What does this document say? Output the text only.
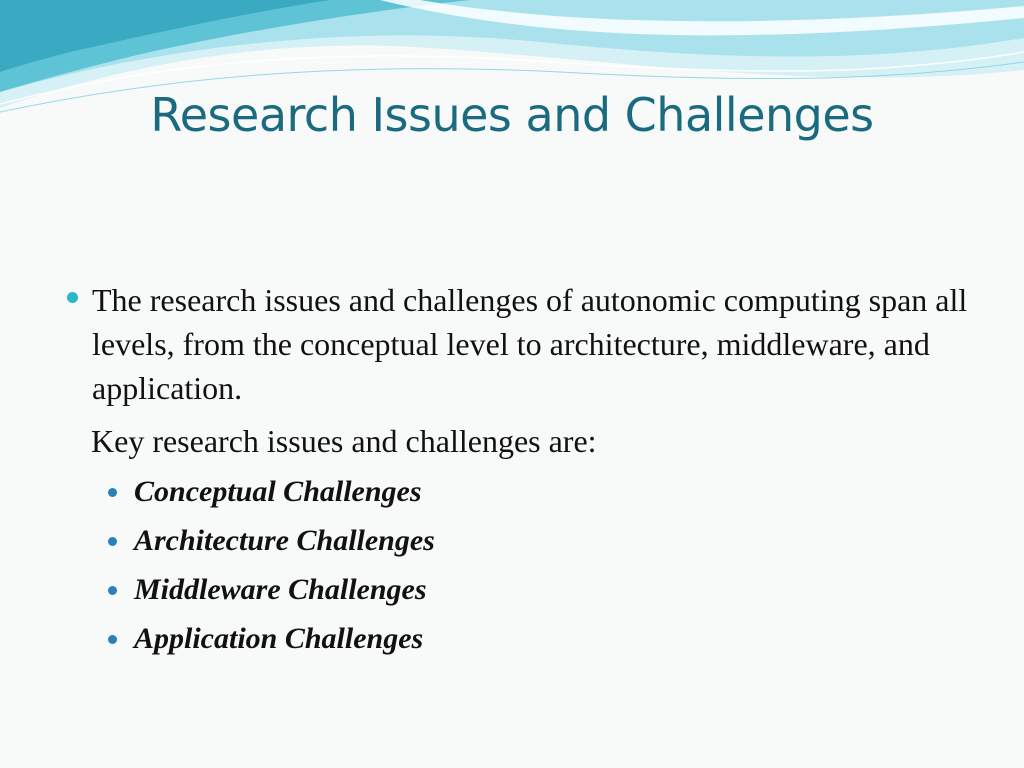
Research Issues and Challenges
The research issues and challenges of autonomic computing span all levels, from the conceptual level to architecture, middleware, and application.
Key research issues and challenges are:
Conceptual Challenges
Architecture Challenges
Middleware Challenges
Application Challenges
